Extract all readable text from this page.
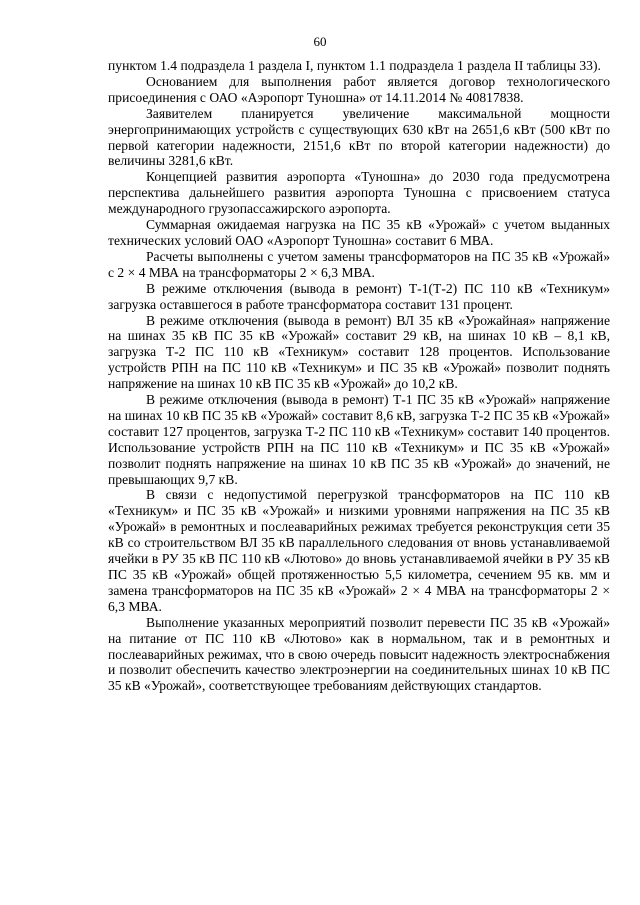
60

пунктом 1.4 подраздела 1 раздела I, пунктом 1.1 подраздела 1 раздела II таблицы 33).

Основанием для выполнения работ является договор технологического присоединения с ОАО «Аэропорт Туношна» от 14.11.2014 № 40817838.

Заявителем планируется увеличение максимальной мощности энергопринимающих устройств с существующих 630 кВт на 2651,6 кВт (500 кВт по первой категории надежности, 2151,6 кВт по второй категории надежности) до величины 3281,6 кВт.

Концепцией развития аэропорта «Туношна» до 2030 года предусмотрена перспектива дальнейшего развития аэропорта Туношна с присвоением статуса международного грузопассажирского аэропорта.

Суммарная ожидаемая нагрузка на ПС 35 кВ «Урожай» с учетом выданных технических условий ОАО «Аэропорт Туношна» составит 6 МВА.

Расчеты выполнены с учетом замены трансформаторов на ПС 35 кВ «Урожай» с 2 × 4 МВА на трансформаторы 2 × 6,3 МВА.

В режиме отключения (вывода в ремонт) Т-1(Т-2) ПС 110 кВ «Техникум» загрузка оставшегося в работе трансформатора составит 131 процент.

В режиме отключения (вывода в ремонт) ВЛ 35 кВ «Урожайная» напряжение на шинах 35 кВ ПС 35 кВ «Урожай» составит 29 кВ, на шинах 10 кВ – 8,1 кВ, загрузка Т-2 ПС 110 кВ «Техникум» составит 128 процентов. Использование устройств РПН на ПС 110 кВ «Техникум» и ПС 35 кВ «Урожай» позволит поднять напряжение на шинах 10 кВ ПС 35 кВ «Урожай» до 10,2 кВ.

В режиме отключения (вывода в ремонт) Т-1 ПС 35 кВ «Урожай» напряжение на шинах 10 кВ ПС 35 кВ «Урожай» составит 8,6 кВ, загрузка Т-2 ПС 35 кВ «Урожай» составит 127 процентов, загрузка Т-2 ПС 110 кВ «Техникум» составит 140 процентов. Использование устройств РПН на ПС 110 кВ «Техникум» и ПС 35 кВ «Урожай» позволит поднять напряжение на шинах 10 кВ ПС 35 кВ «Урожай» до значений, не превышающих 9,7 кВ.

В связи с недопустимой перегрузкой трансформаторов на ПС 110 кВ «Техникум» и ПС 35 кВ «Урожай» и низкими уровнями напряжения на ПС 35 кВ «Урожай» в ремонтных и послеаварийных режимах требуется реконструкция сети 35 кВ со строительством ВЛ 35 кВ параллельного следования от вновь устанавливаемой ячейки в РУ 35 кВ ПС 110 кВ «Лютово» до вновь устанавливаемой ячейки в РУ 35 кВ ПС 35 кВ «Урожай» общей протяженностью 5,5 километра, сечением 95 кв. мм и замена трансформаторов на ПС 35 кВ «Урожай» 2 × 4 МВА на трансформаторы 2 × 6,3 МВА.

Выполнение указанных мероприятий позволит перевести ПС 35 кВ «Урожай» на питание от ПС 110 кВ «Лютово» как в нормальном, так и в ремонтных и послеаварийных режимах, что в свою очередь повысит надежность электроснабжения и позволит обеспечить качество электроэнергии на соединительных шинах 10 кВ ПС 35 кВ «Урожай», соответствующее требованиям действующих стандартов.
